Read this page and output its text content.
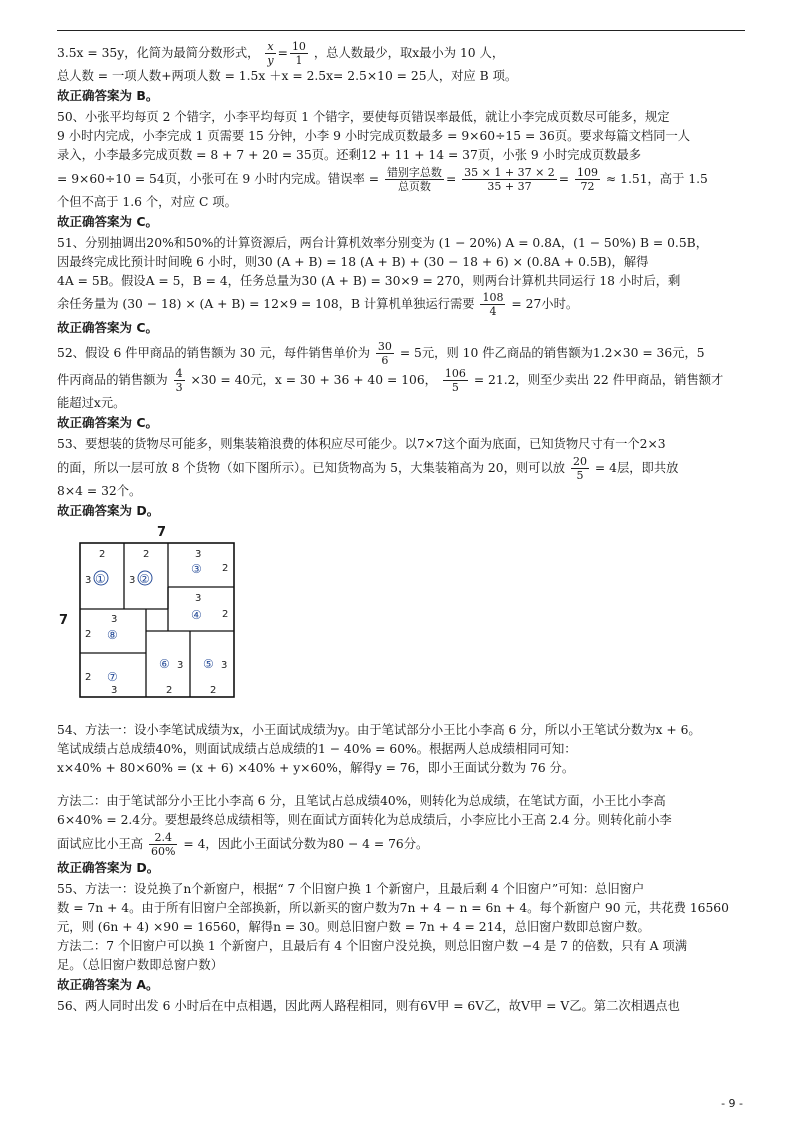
3.5x = 35y，化简为最简分数形式， $\frac{x}{y} = \frac{10}{1}$ ，总人数最少，取x最小为 10 人，

总人数 = 一项人数+两项人数 = 1.5x ＋x = 2.5x= 2.5×10 = 25人，对应 B 项。

故正确答案为 B。

50、小张平均每页 2 个错字，小李平均每页 1 个错字，要使每页错误率最低，就让小李完成页数尽可能多，规定

9 小时内完成，小李完成 1 页需要 15 分钟，小李 9 小时完成页数最多 = 9×60÷15 = 36页。要求每篇文档同一人

录入，小李最多完成页数 = 8 + 7 + 20 = 35页。还剩12 + 11 + 14 = 37页，小张 9 小时完成页数最多

= 9×60÷10 = 54页，小张可在 9 小时内完成。错误率 = $\frac{\text{错别字总数}}{\text{总页数}} = \frac{35 \times 1 + 37 \times 2}{35 + 37} = \frac{109}{72} \approx 1.51$，高于 1.5

个但不高于 1.6 个，对应 C 项。

故正确答案为 C。

51、分别抽调出20%和50%的计算资源后，两台计算机效率分别变为 (1 − 20%) A = 0.8A，(1 − 50%) B = 0.5B，

因最终完成比预计时间晚 6 小时，则30 (A + B) = 18 (A + B) + (30 − 18 + 6) × (0.8A + 0.5B)，解得

4A = 5B。假设A = 5，B = 4，任务总量为30 (A + B) = 30×9 = 270，则两台计算机共同运行 18 小时后，剩

余任务量为 (30 − 18) × (A + B) = 12×9 = 108，B 计算机单独运行需要 $\frac{108}{4} = 27$小时。

故正确答案为 C。

52、假设 6 件甲商品的销售额为 30 元，每件销售单价为 $\frac{30}{6} = 5$元，则 10 件乙商品的销售额为1.2×30 = 36元，5

件丙商品的销售额为 $\frac{4}{3} \times 30 = 40$元，x = 30 + 36 + 40 = 106， $\frac{106}{5} = 21.2$，则至少卖出 22 件甲商品，销售额才

能超过x元。

故正确答案为 C。

53、要想装的货物尽可能多，则集装箱浪费的体积应尽可能少。以7×7这个面为底面，已知货物尺寸有一个2×3

的面，所以一层可放 8 个货物（如下图所示）。已知货物高为 5，大集装箱高为 20，则可以放 $\frac{20}{5} = 4$层，即共放

8×4 = 32个。

故正确答案为 D。

7
7
2
3 ①
2
3 ②
3
2
③
3
2
④
3
2 ⑧
2
3
⑦
⑥ 3
2
⑤ 3
2

54、方法一：设小李笔试成绩为x，小王面试成绩为y。由于笔试部分小王比小李高 6 分，所以小王笔试分数为x + 6。

笔试成绩占总成绩40%，则面试成绩占总成绩的1 − 40% = 60%。根据两人总成绩相同可知：

x×40% + 80×60% = (x + 6) ×40% + y×60%，解得y = 76，即小王面试分数为 76 分。

方法二：由于笔试部分小王比小李高 6 分，且笔试占总成绩40%，则转化为总成绩，在笔试方面，小王比小李高

6×40% = 2.4分。要想最终总成绩相等，则在面试方面转化为总成绩后，小李应比小王高 2.4 分。则转化前小李

面试应比小王高 $\frac{2.4}{60\%} = 4$，因此小王面试分数为80 − 4 = 76分。

故正确答案为 D。

55、方法一：设兑换了n个新窗户，根据“ 7 个旧窗户换 1 个新窗户，且最后剩 4 个旧窗户”可知：总旧窗户

数 = 7n + 4。由于所有旧窗户全部换新，所以新买的窗户数为7n + 4 − n = 6n + 4。每个新窗户 90 元，共花费 16560

元，则 (6n + 4) ×90 = 16560，解得n = 30。则总旧窗户数 = 7n + 4 = 214，总旧窗户数即总窗户数。

方法二：7 个旧窗户可以换 1 个新窗户，且最后有 4 个旧窗户没兑换，则总旧窗户数 −4 是 7 的倍数，只有 A 项满

足。（总旧窗户数即总窗户数）

故正确答案为 A。

56、两人同时出发 6 小时后在中点相遇，因此两人路程相同，则有6V甲 = 6V乙，故V甲 = V乙。第二次相遇点也

- 9 -
